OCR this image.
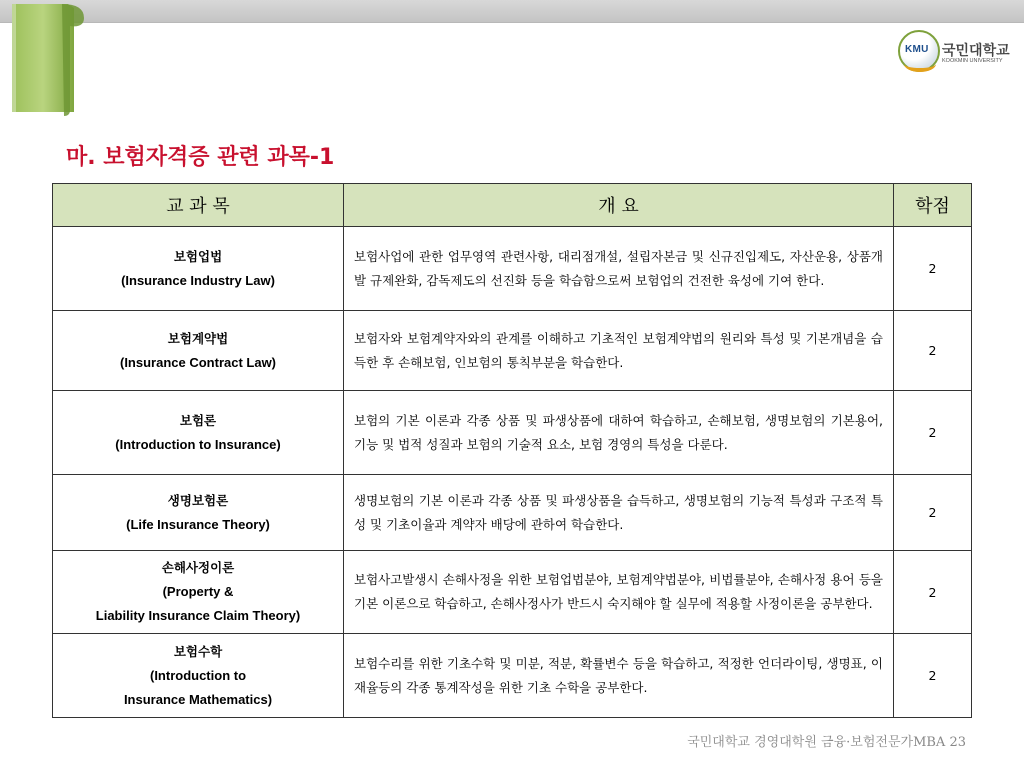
KMU 국민대학교
KOOKMIN UNIVERSITY
마. 보험자격증 관련 과목-1
교 과 목	개 요	학점

보험업법
(Insurance Industry Law)	보험사업에 관한 업무영역 관련사항, 대리점개설, 설립자본금 및 신규진입제도, 자산운용, 상품개발 규제완화, 감독제도의 선진화 등을 학습함으로써 보험업의 건전한 육성에 기여 한다.	2

보험계약법
(Insurance Contract Law)	보험자와 보험계약자와의 관계를 이해하고 기초적인 보험계약법의 원리와 특성 및 기본개념을 습득한 후 손해보험, 인보험의 통칙부분을 학습한다.	2

보험론
(Introduction to Insurance)	보험의 기본 이론과 각종 상품 및 파생상품에 대하여 학습하고, 손해보험, 생명보험의 기본용어, 기능 및 법적 성질과 보험의 기술적 요소, 보험 경영의 특성을 다룬다.	2

생명보험론
(Life Insurance Theory)	생명보험의 기본 이론과 각종 상품 및 파생상품을 습득하고, 생명보험의 기능적 특성과 구조적 특성 및 기초이율과 계약자 배당에 관하여 학습한다.	2

손해사정이론
(Property &
Liability Insurance Claim Theory)	보험사고발생시 손해사정을 위한 보험업법분야, 보험계약법분야, 비법률분야, 손해사정 용어 등을 기본 이론으로 학습하고, 손해사정사가 반드시 숙지해야 할 실무에 적용할 사정이론을 공부한다.	2

보험수학
(Introduction to
Insurance Mathematics)	보험수리를 위한 기초수학 및 미분, 적분, 확률변수 등을 학습하고, 적정한 언더라이팅, 생명표, 이재율등의 각종 통계작성을 위한 기초 수학을 공부한다.	2
국민대학교 경영대학원 금융·보험전문가MBA 23
